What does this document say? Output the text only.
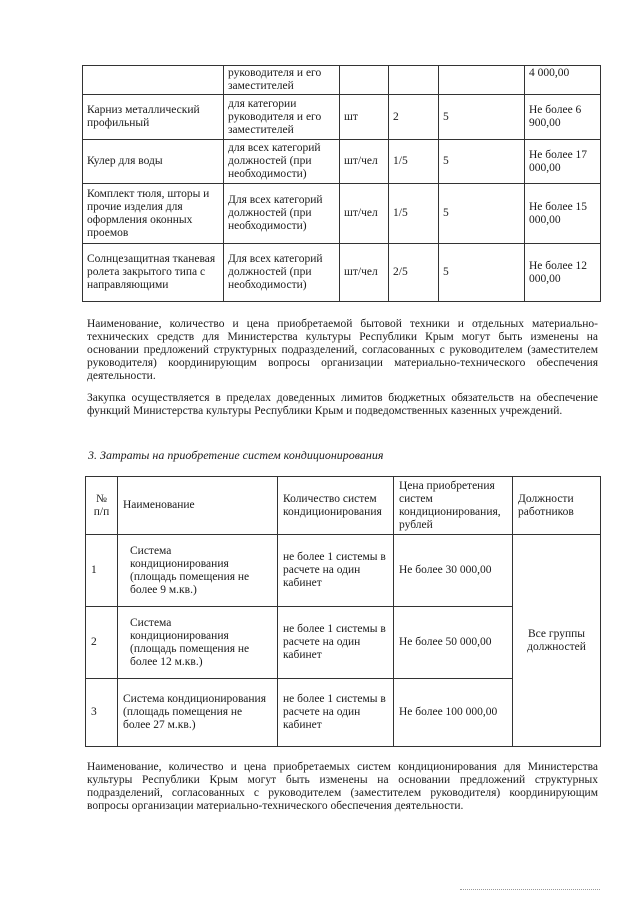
	руководителя и его заместителей				4 000,00
Карниз металлический профильный	для категории руководителя и его заместителей	шт	2	5	Не более 6 900,00
Кулер для воды	для всех категорий должностей (при необходимости)	шт/чел	1/5	5	Не более 17 000,00
Комплект тюля, шторы и прочие изделия для оформления оконных проемов	Для всех категорий должностей (при необходимости)	шт/чел	1/5	5	Не более 15 000,00
Солнцезащитная тканевая ролета закрытого типа с направляющими	Для всех категорий должностей (при необходимости)	шт/чел	2/5	5	Не более 12 000,00

Наименование, количество и цена приобретаемой бытовой техники и отдельных материально-технических средств для Министерства культуры Республики Крым могут быть изменены на основании предложений структурных подразделений, согласованных с руководителем (заместителем руководителя) координирующим вопросы организации материально-технического обеспечения деятельности.

Закупка осуществляется в пределах доведенных лимитов бюджетных обязательств на обеспечение функций Министерства культуры Республики Крым и подведомственных казенных учреждений.

3. Затраты на приобретение систем кондиционирования

№ п/п	Наименование	Количество систем кондиционирования	Цена приобретения систем кондиционирования, рублей	Должности работников
1	Система кондиционирования (площадь помещения не более 9 м.кв.)	не более 1 системы в расчете на один кабинет	Не более 30 000,00	Все группы должностей
2	Система кондиционирования (площадь помещения не более 12 м.кв.)	не более 1 системы в расчете на один кабинет	Не более 50 000,00	
3	Система кондиционирования (площадь помещения не более 27 м.кв.)	не более 1 системы в расчете на один кабинет	Не более 100 000,00	

Наименование, количество и цена приобретаемых систем кондиционирования для Министерства культуры Республики Крым могут быть изменены на основании предложений структурных подразделений, согласованных с руководителем (заместителем руководителя) координирующим вопросы организации материально-технического обеспечения деятельности.
